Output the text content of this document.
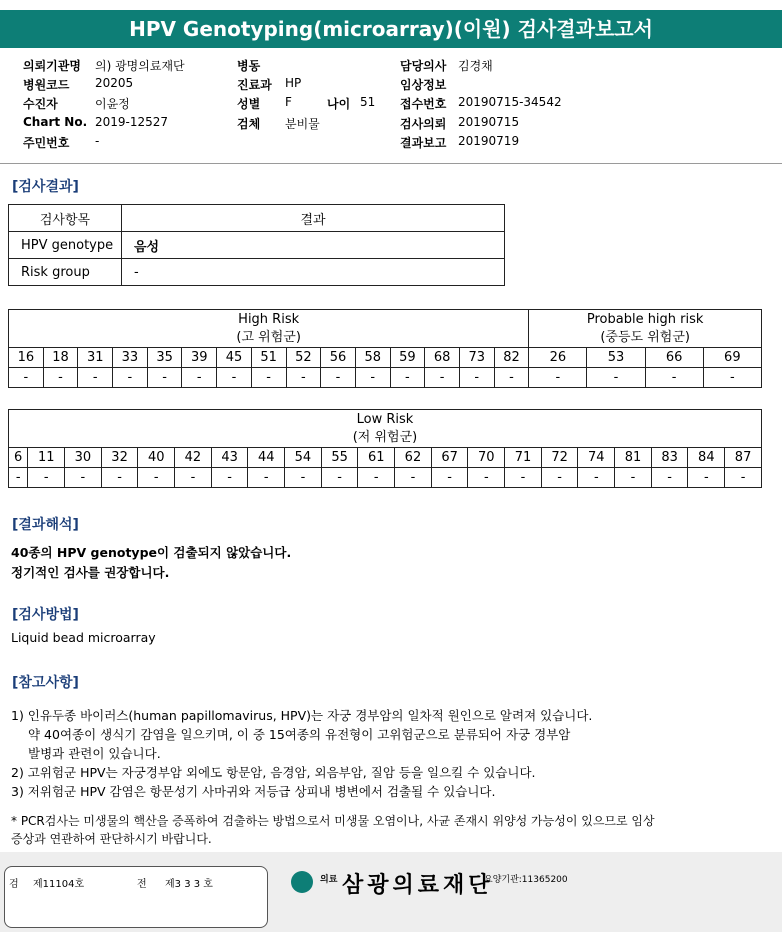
HPV Genotyping(microarray)(이원) 검사결과보고서
의뢰기관명 의) 광명의료재단
병원코드 20205
수진자	이윤정
Chart No. 2019-12527
주민번호 -
병동
진료과 HP
성별 F	나이 51
검체 분비물
담당의사 김경채
임상정보
접수번호 20190715-34542
검사의뢰 20190715
결과보고 20190719
[검사결과]
검사항목	결과
HPV genotype	음성
Risk group	-
High Risk
(고 위험군)															Probable high risk
(중등도 위험군)			
16	18	31	33	35	39	45	51	52	56	58	59	68	73	82	26	53	66	69
-	-	-	-	-	-	-	-	-	-	-	-	-	-	-	-	-	-	-
Low Risk
(저 위험군)																				
6	11	30	32	40	42	43	44	54	55	61	62	67	70	71	72	74	81	83	84	87
-	-	-	-	-	-	-	-	-	-	-	-	-	-	-	-	-	-	-	-	-
[결과해석]
40종의 HPV genotype이 검출되지 않았습니다.
정기적인 검사를 권장합니다.
[검사방법]
Liquid bead microarray
[참고사항]
1) 인유두종 바이러스(human papillomavirus, HPV)는 자궁 경부암의 일차적 원인으로 알려져 있습니다.
약 40여종이 생식기 감염을 일으키며, 이 중 15여종의 유전형이 고위험군으로 분류되어 자궁 경부암
발병과 관련이 있습니다.
2) 고위험군 HPV는 자궁경부암 외에도 항문암, 음경암, 외음부암, 질암 등을 일으킬 수 있습니다.
3) 저위험군 HPV 감염은 항문성기 사마귀와 저등급 상피내 병변에서 검출될 수 있습니다.
* PCR검사는 미생물의 핵산을 증폭하여 검출하는 방법으로서 미생물 오염이나, 사균 존재시 위양성 가능성이 있으므로 임상
증상과 연관하여 판단하시기 바랍니다.
검 제11104호	전 제3 3 3 호	의료 삼광의료재단
요양기관:11365200
